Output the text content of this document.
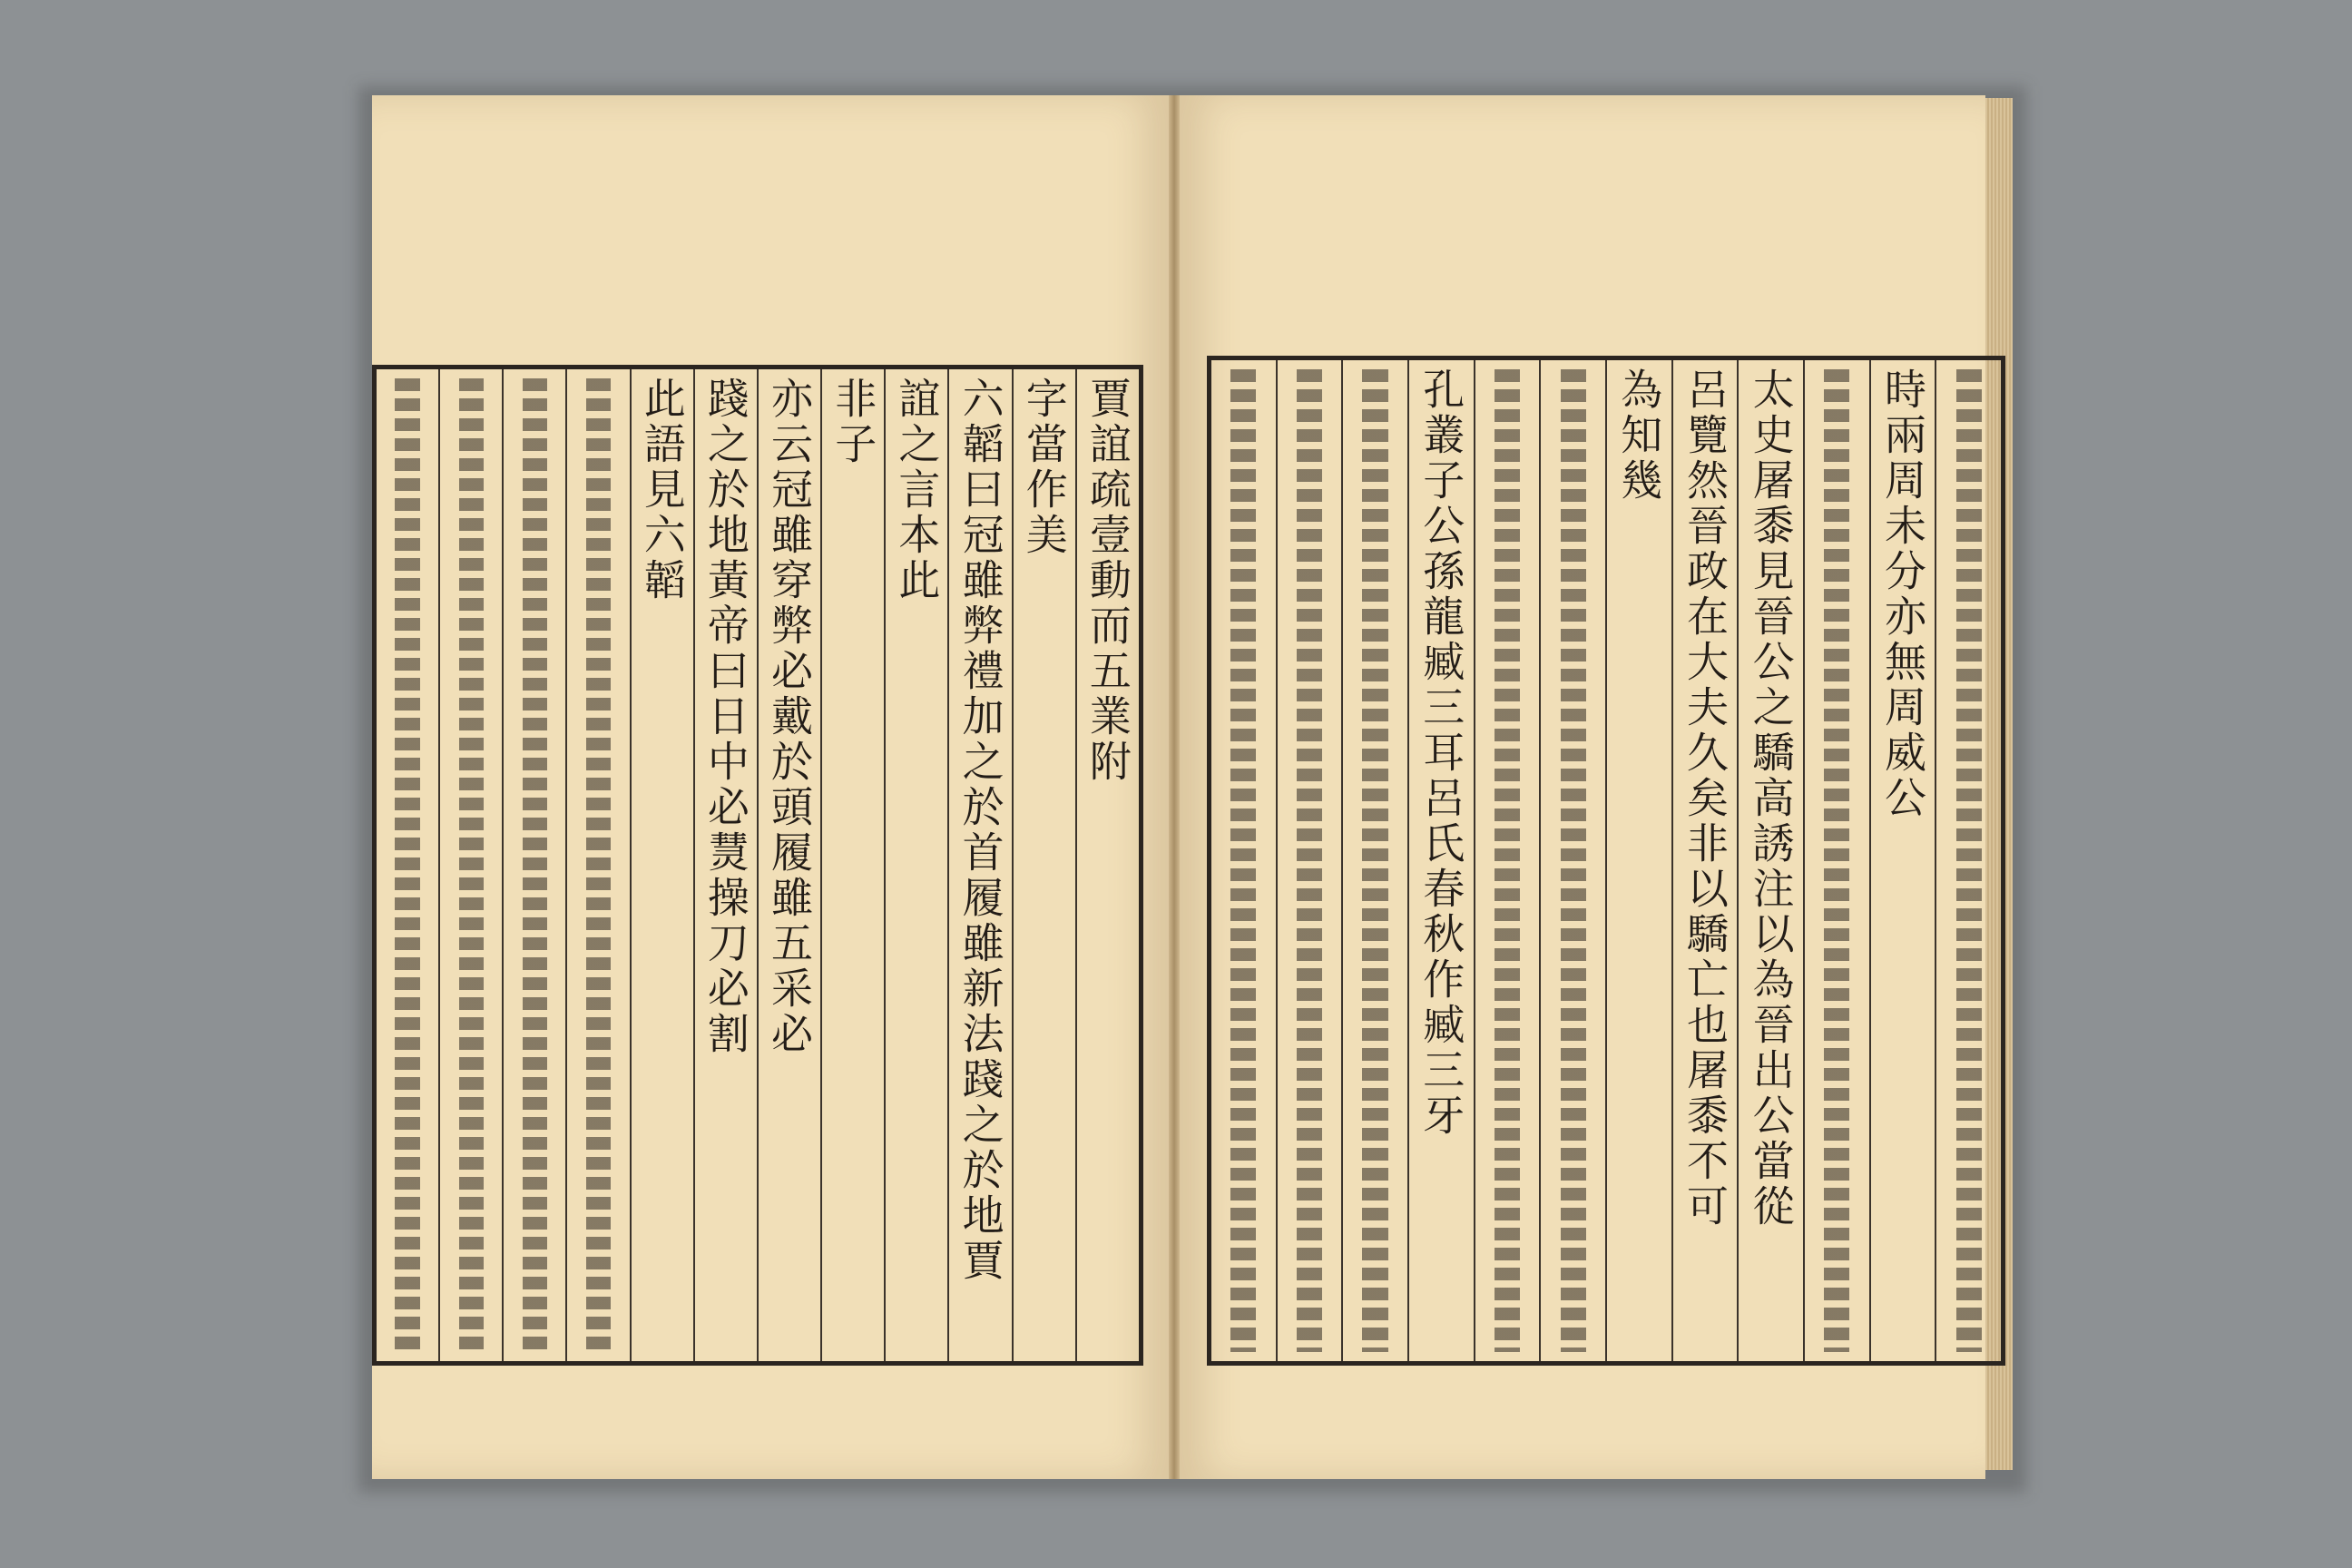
賈誼疏壹動而五業附
字當作美
六韜曰冠雖弊禮加之於首履雖新法踐之於地賈
誼之言本此
非子
亦云冠雖穿弊必戴於頭履雖五采必
踐之於地黃帝曰日中必熭操刀必割
此語見六韜	時兩周未分亦無周威公
太史屠黍見晉公之驕高誘注以為晉出公當從
呂覽然晉政在大夫久矣非以驕亡也屠黍不可
為知幾
孔叢子公孫龍臧三耳呂氏春秋作臧三牙
